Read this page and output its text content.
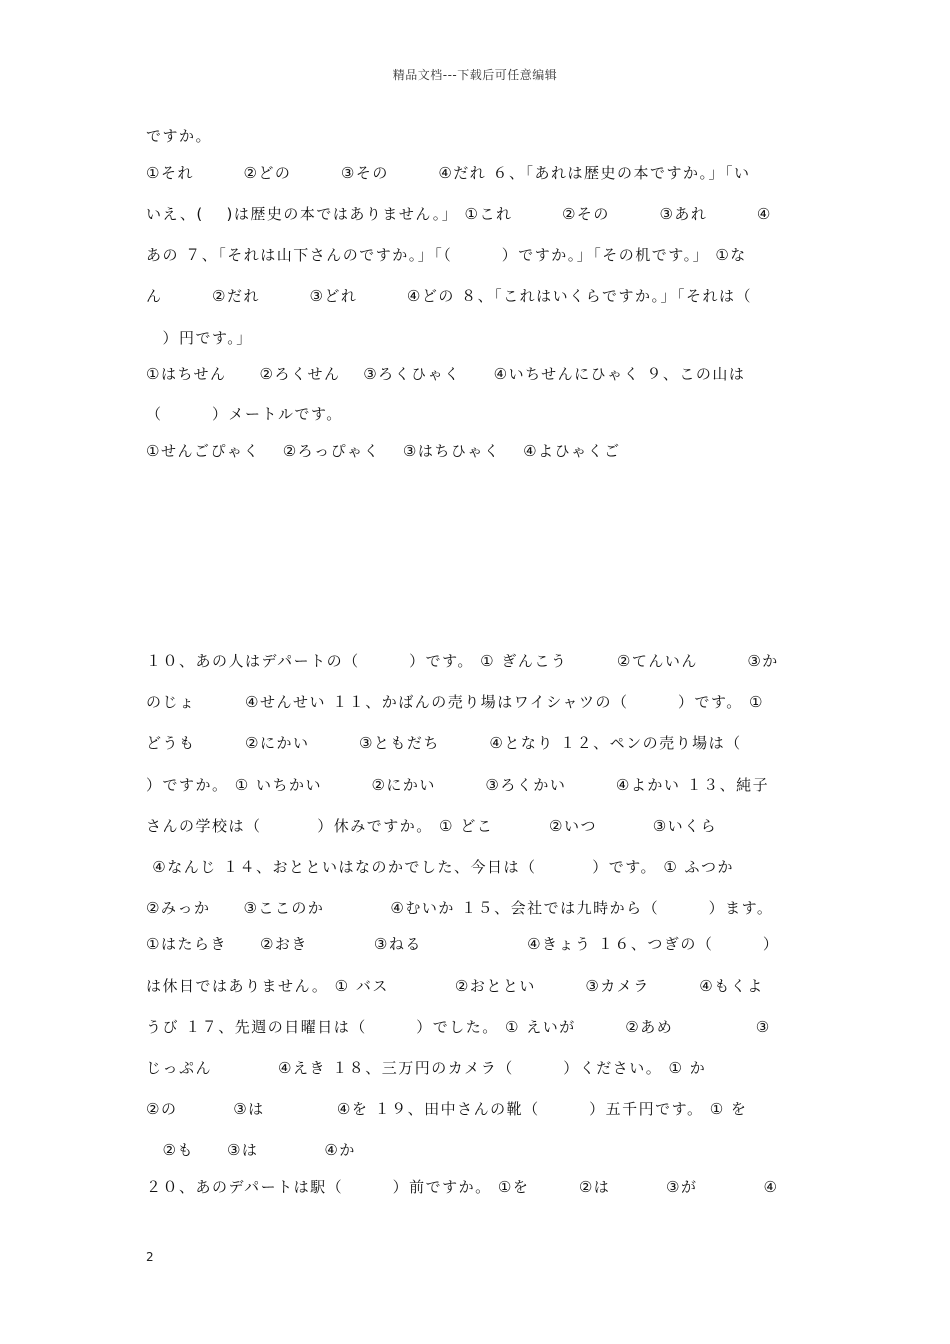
精品文档---下载后可任意编辑
ですか。
①それ　　　②どの　　　③その　　　④だれ ６、「あれは歴史の本ですか。」「い
いえ、(　 )は歴史の本ではありません。」 ①これ　　　②その　　　③あれ　　　④
あの ７、「それは山下さんのですか。」「（　　　）ですか。」「その机です。」 ①な
ん　　　②だれ　　　③どれ　　　④どの ８、「これはいくらですか。」「それは（
　）円です。」
①はちせん　　②ろくせん　 ③ろくひゃく　　④いちせんにひゃく ９、この山は
（　　　）メートルです。
①せんごぴゃく　 ②ろっぴゃく　 ③はちひゃく　 ④よひゃくご
１０、あの人はデパートの（　　　）です。 ① ぎんこう　　　②てんいん　　　③か
のじょ　　　④せんせい １１、かばんの売り場はワイシャツの（　　　）です。 ①
どうも　　　②にかい　　　③ともだち　　　④となり １２、ペンの売り場は（
）ですか。 ① いちかい　　　②にかい　　　③ろくかい　　　④よかい １３、純子
さんの学校は（　　　 ）休みですか。 ① どこ　　　 ②いつ　　　 ③いくら
④なんじ １４、おとといはなのかでした、今日は（　　　 ）です。 ① ふつか
②みっか　　③ここのか　　　　④むいか １５、会社では九時から（　　　）ます。
①はたらき　　②おき　　　　③ねる　　　　　　 ④きょう １６、つぎの（　　　）
は休日ではありません。 ① バス　　　　②おととい　　　③カメラ　　　④もくよ
うび １７、先週の日曜日は（　　　）でした。 ① えいが　　　②あめ　　　　　③
じっぷん　　　　④えき １８、三万円のカメラ（　　　）ください。 ① か
②の　　　 ③は　　　　 ④を １９、田中さんの靴（　　　）五千円です。 ① を
　②も　　③は　　　　④か
２０、あのデパートは駅（　　　）前ですか。 ①を　　　②は　　　 ③が　　　　④
2
